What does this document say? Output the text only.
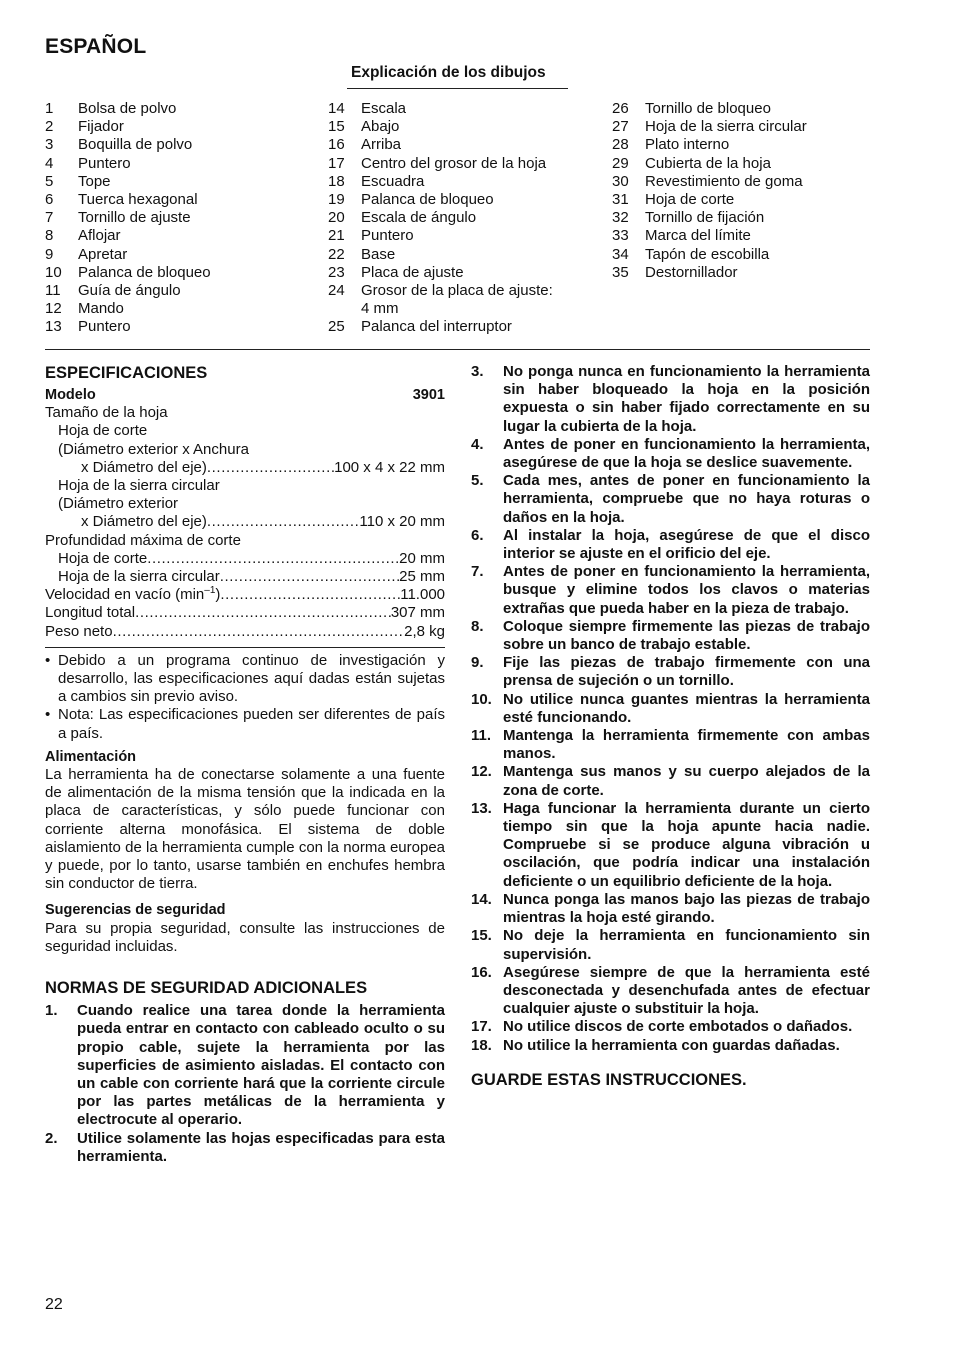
ESPAÑOL
Explicación de los dibujos
1	Bolsa de polvo
2	Fijador
3	Boquilla de polvo
4	Puntero
5	Tope
6	Tuerca hexagonal
7	Tornillo de ajuste
8	Aflojar
9	Apretar
10	Palanca de bloqueo
11	Guía de ángulo
12	Mando
13	Puntero
14	Escala
15	Abajo
16	Arriba
17	Centro del grosor de la hoja
18	Escuadra
19	Palanca de bloqueo
20	Escala de ángulo
21	Puntero
22	Base
23	Placa de ajuste
24	Grosor de la placa de ajuste:
4 mm
25	Palanca del interruptor
26	Tornillo de bloqueo
27	Hoja de la sierra circular
28	Plato interno
29	Cubierta de la hoja
30	Revestimiento de goma
31	Hoja de corte
32	Tornillo de fijación
33	Marca del límite
34	Tapón de escobilla
35	Destornillador
ESPECIFICACIONES
Modelo	3901
Tamaño de la hoja
Hoja de corte
(Diámetro exterior x Anchura
x Diámetro del eje) .....	100 x 4 x 22 mm
Hoja de la sierra circular
(Diámetro exterior
x Diámetro del eje) .....	110 x 20 mm
Profundidad máxima de corte
Hoja de corte .....	20 mm
Hoja de la sierra circular .....	25 mm
Velocidad en vacío $(\min^{-1})$ .....	11.000
Longitud total .....	307 mm
Peso neto .....	2,8 kg
• Debido a un programa continuo de investigación y desarrollo, las especificaciones aquí dadas están sujetas a cambios sin previo aviso.
• Nota: Las especificaciones pueden ser diferentes de país a país.
Alimentación
La herramienta ha de conectarse solamente a una fuente de alimentación de la misma tensión que la indicada en la placa de características, y sólo puede funcionar con corriente alterna monofásica. El sistema de doble aislamiento de la herramienta cumple con la norma europea y puede, por lo tanto, usarse también en enchufes hembra sin conductor de tierra.
Sugerencias de seguridad
Para su propia seguridad, consulte las instrucciones de seguridad incluidas.
NORMAS DE SEGURIDAD ADICIONALES
1.	Cuando realice una tarea donde la herramienta pueda entrar en contacto con cableado oculto o su propio cable, sujete la herramienta por las superficies de asimiento aisladas. El contacto con un cable con corriente hará que la corriente circule por las partes metálicas de la herramienta y electrocute al operario.
2.	Utilice solamente las hojas especificadas para esta herramienta.
3.	No ponga nunca en funcionamiento la herramienta sin haber bloqueado la hoja en la posición expuesta o sin haber fijado correctamente en su lugar la cubierta de la hoja.
4.	Antes de poner en funcionamiento la herramienta, asegúrese de que la hoja se deslice suavemente.
5.	Cada mes, antes de poner en funcionamiento la herramienta, compruebe que no haya roturas o daños en la hoja.
6.	Al instalar la hoja, asegúrese de que el disco interior se ajuste en el orificio del eje.
7.	Antes de poner en funcionamiento la herramienta, busque y elimine todos los clavos o materias extrañas que pueda haber en la pieza de trabajo.
8.	Coloque siempre firmemente las piezas de trabajo sobre un banco de trabajo estable.
9.	Fije las piezas de trabajo firmemente con una prensa de sujeción o un tornillo.
10. No utilice nunca guantes mientras la herramienta esté funcionando.
11. Mantenga la herramienta firmemente con ambas manos.
12. Mantenga sus manos y su cuerpo alejados de la zona de corte.
13. Haga funcionar la herramienta durante un cierto tiempo sin que la hoja apunte hacia nadie. Compruebe si se produce alguna vibración u oscilación, que podría indicar una instalación deficiente o un equilibrio deficiente de la hoja.
14. Nunca ponga las manos bajo las piezas de trabajo mientras la hoja esté girando.
15. No deje la herramienta en funcionamiento sin supervisión.
16. Asegúrese siempre de que la herramienta esté desconectada y desenchufada antes de efectuar cualquier ajuste o substituir la hoja.
17. No utilice discos de corte embotados o dañados.
18. No utilice la herramienta con guardas dañadas.
GUARDE ESTAS INSTRUCCIONES.
22
